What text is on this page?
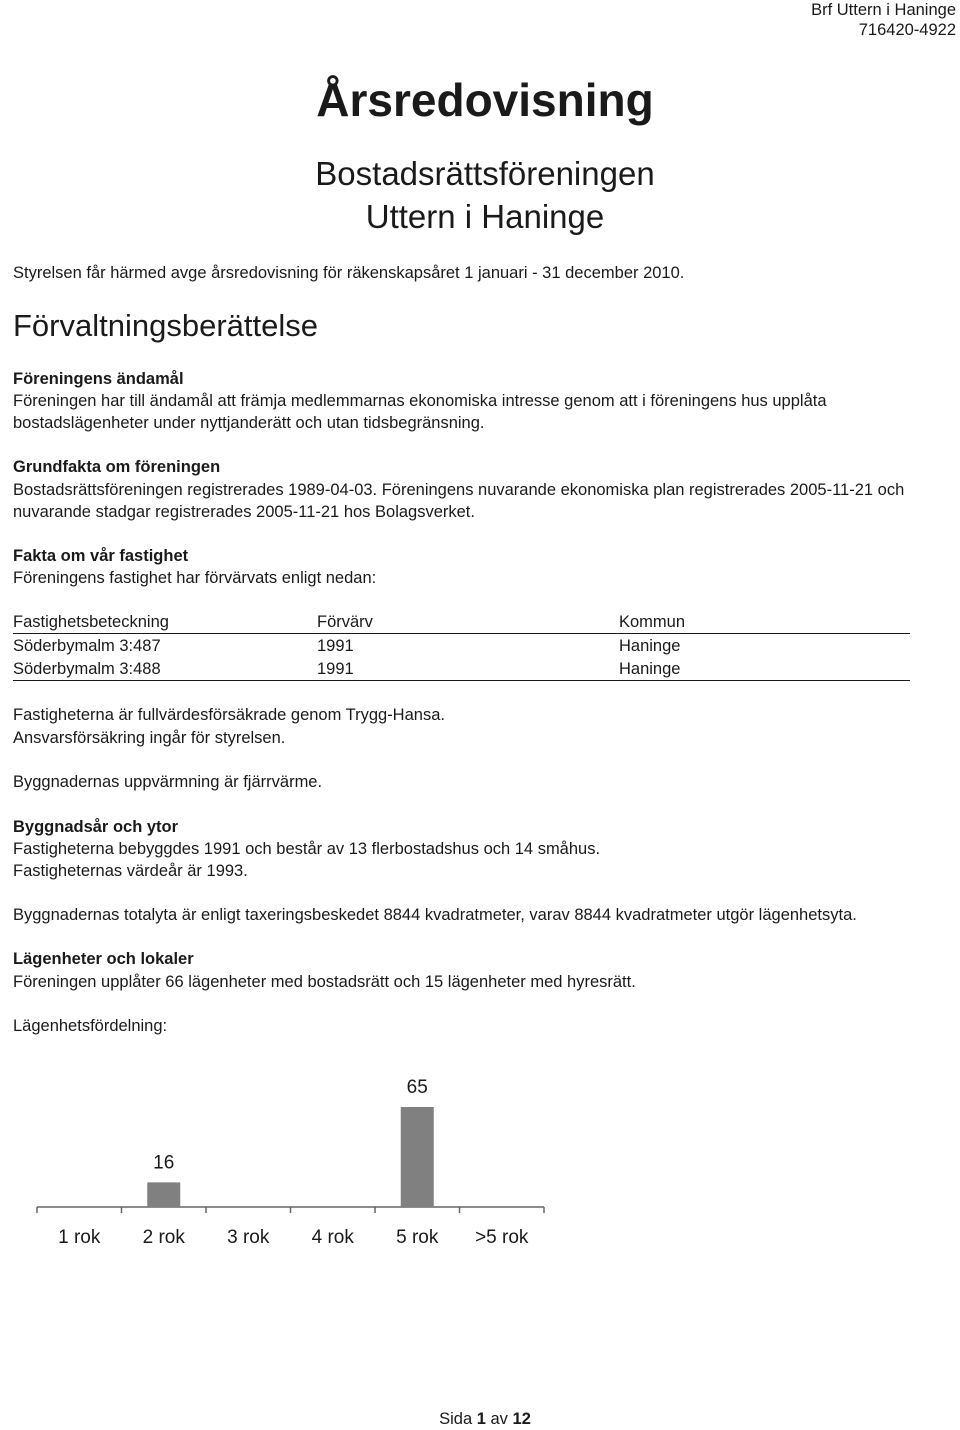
Brf Uttern i Haninge
716420-4922
Årsredovisning
Bostadsrättsföreningen
Uttern i Haninge
Styrelsen får härmed avge årsredovisning för räkenskapsåret 1 januari - 31 december 2010.
Förvaltningsberättelse
Föreningens ändamål
Föreningen har till ändamål att främja medlemmarnas ekonomiska intresse genom att i föreningens hus upplåta
bostadslägenheter under nyttjanderätt och utan tidsbegränsning.
Grundfakta om föreningen
Bostadsrättsföreningen registrerades 1989-04-03. Föreningens nuvarande ekonomiska plan registrerades 2005-11-21 och
nuvarande stadgar registrerades 2005-11-21 hos Bolagsverket.
Fakta om vår fastighet
Föreningens fastighet har förvärvats enligt nedan:
Fastighetsbeteckning	Förvärv	Kommun
Söderbymalm 3:487	1991	Haninge
Söderbymalm 3:488	1991	Haninge
Fastigheterna är fullvärdesförsäkrade genom Trygg-Hansa.
Ansvarsförsäkring ingår för styrelsen.
Byggnadernas uppvärmning är fjärrvärme.
Byggnadsår och ytor
Fastigheterna bebyggdes 1991 och består av 13 flerbostadshus och 14 småhus.
Fastigheternas värdeår är 1993.
Byggnadernas totalyta är enligt taxeringsbeskedet 8844 kvadratmeter, varav 8844 kvadratmeter utgör lägenhetsyta.
Lägenheter och lokaler
Föreningen upplåter 66 lägenheter med bostadsrätt och 15 lägenheter med hyresrätt.
Lägenhetsfördelning:
1 rok
16
2 rok 3 rok 4 rok
65
5 rok >5 rok
Sida 1 av 12
